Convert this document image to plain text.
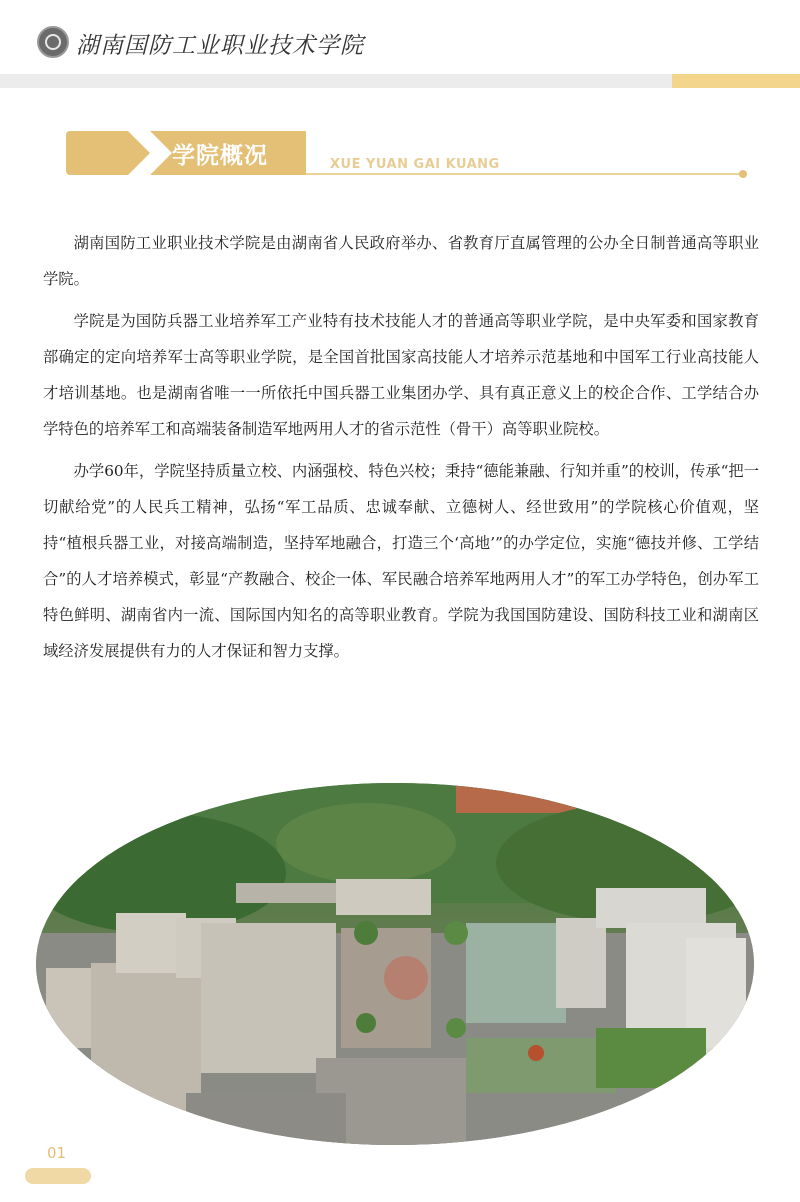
湖南国防工业职业技术学院
学院概况	XUE YUAN GAI KUANG

湖南国防工业职业技术学院是由湖南省人民政府举办、省教育厅直属管理的公办全日制普通高等职业学院。

学院是为国防兵器工业培养军工产业特有技术技能人才的普通高等职业学院，是中央军委和国家教育部确定的定向培养军士高等职业学院，是全国首批国家高技能人才培养示范基地和中国军工行业高技能人才培训基地。也是湖南省唯一一所依托中国兵器工业集团办学、具有真正意义上的校企合作、工学结合办学特色的培养军工和高端装备制造军地两用人才的省示范性（骨干）高等职业院校。

办学60年，学院坚持质量立校、内涵强校、特色兴校；秉持“德能兼融、行知并重”的校训，传承“把一切献给党”的人民兵工精神，弘扬“军工品质、忠诚奉献、立德树人、经世致用”的学院核心价值观，坚持“植根兵器工业，对接高端制造，坚持军地融合，打造三个‘高地’”的办学定位，实施“德技并修、工学结合”的人才培养模式，彰显“产教融合、校企一体、军民融合培养军地两用人才”的军工办学特色，创办军工特色鲜明、湖南省内一流、国际国内知名的高等职业教育。学院为我国国防建设、国防科技工业和湖南区域经济发展提供有力的人才保证和智力支撑。

01
